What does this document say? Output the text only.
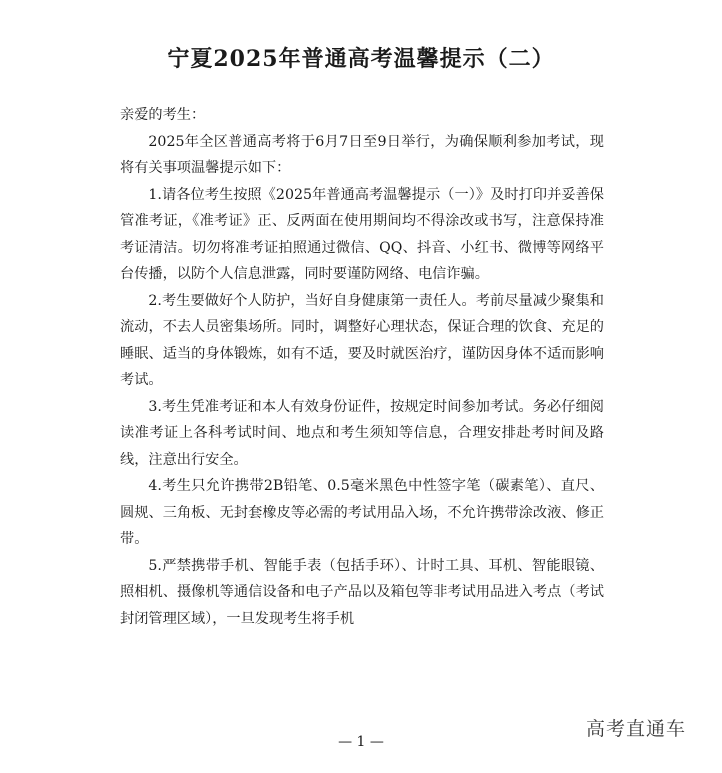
宁夏2025年普通高考温馨提示（二）

亲爱的考生：

2025年全区普通高考将于6月7日至9日举行，为确保顺利参加考试，现将有关事项温馨提示如下：

1.请各位考生按照《2025年普通高考温馨提示（一）》及时打印并妥善保管准考证，《准考证》正、反两面在使用期间均不得涂改或书写，注意保持准考证清洁。切勿将准考证拍照通过微信、QQ、抖音、小红书、微博等网络平台传播，以防个人信息泄露，同时要谨防网络、电信诈骗。

2.考生要做好个人防护，当好自身健康第一责任人。考前尽量减少聚集和流动，不去人员密集场所。同时，调整好心理状态，保证合理的饮食、充足的睡眠、适当的身体锻炼，如有不适，要及时就医治疗，谨防因身体不适而影响考试。

3.考生凭准考证和本人有效身份证件，按规定时间参加考试。务必仔细阅读准考证上各科考试时间、地点和考生须知等信息，合理安排赴考时间及路线，注意出行安全。

4.考生只允许携带2B铅笔、0.5毫米黑色中性签字笔（碳素笔）、直尺、圆规、三角板、无封套橡皮等必需的考试用品入场，不允许携带涂改液、修正带。

5.严禁携带手机、智能手表（包括手环）、计时工具、耳机、智能眼镜、照相机、摄像机等通信设备和电子产品以及箱包等非考试用品进入考点（考试封闭管理区域），一旦发现考生将手机

— 1 —
高考直通车
